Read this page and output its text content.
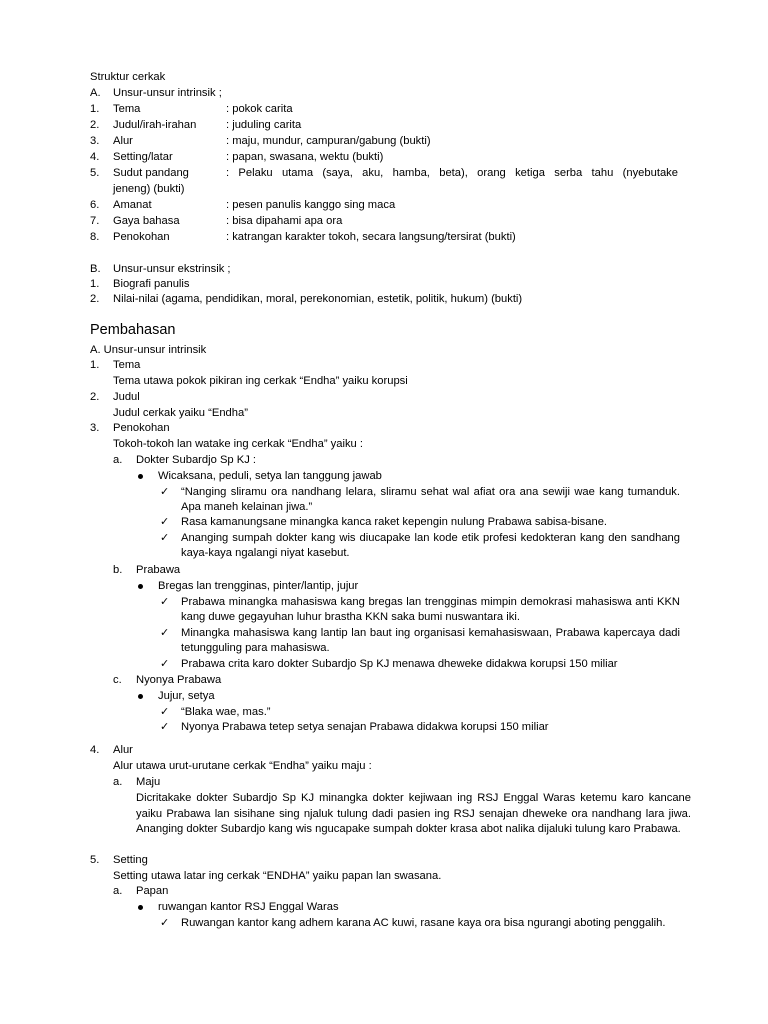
Struktur cerkak
A. Unsur-unsur intrinsik ;
1. Tema	: pokok carita
2. Judul/irah-irahan	: juduling carita
3. Alur	: maju, mundur, campuran/gabung (bukti)
4. Setting/latar	: papan, swasana, wektu (bukti)
5. Sudut pandang	: Pelaku utama (saya, aku, hamba, beta), orang ketiga serba tahu (nyebutake
jeneng) (bukti)
6. Amanat	: pesen panulis kanggo sing maca
7. Gaya bahasa	: bisa dipahami apa ora
8. Penokohan	: katrangan karakter tokoh, secara langsung/tersirat (bukti)
B. Unsur-unsur ekstrinsik ;
1. Biografi panulis
2. Nilai-nilai (agama, pendidikan, moral, perekonomian, estetik, politik, hukum) (bukti)
Pembahasan
A. Unsur-unsur intrinsik
1. Tema
Tema utawa pokok pikiran ing cerkak “Endha” yaiku korupsi
2. Judul
Judul cerkak yaiku “Endha”
3. Penokohan
Tokoh-tokoh lan watake ing cerkak “Endha” yaiku :
a. Dokter Subardjo Sp KJ :
Wicaksana, peduli, setya lan tanggung jawab
✓ “Nanging sliramu ora nandhang lelara, sliramu sehat wal afiat ora ana sewiji wae kang tumanduk. Apa maneh kelainan jiwa.”
✓ Rasa kamanungsane minangka kanca raket kepengin nulung Prabawa sabisa-bisane.
✓ Ananging sumpah dokter kang wis diucapake lan kode etik profesi kedokteran kang den sandhang kaya-kaya ngalangi niyat kasebut.
b. Prabawa
Bregas lan trengginas, pinter/lantip, jujur
✓ Prabawa minangka mahasiswa kang bregas lan trengginas mimpin demokrasi mahasiswa anti KKN kang duwe gegayuhan luhur brastha KKN saka bumi nuswantara iki.
✓ Minangka mahasiswa kang lantip lan baut ing organisasi kemahasiswaan, Prabawa kapercaya dadi tetungguling para mahasiswa.
✓ Prabawa crita karo dokter Subardjo Sp KJ menawa dheweke didakwa korupsi 150 miliar
c. Nyonya Prabawa
Jujur, setya
✓ “Blaka wae, mas.”
✓ Nyonya Prabawa tetep setya senajan Prabawa didakwa korupsi 150 miliar
4. Alur
Alur utawa urut-urutane cerkak “Endha” yaiku maju :
a. Maju
Dicritakake dokter Subardjo Sp KJ minangka dokter kejiwaan ing RSJ Enggal Waras ketemu karo kancane yaiku Prabawa lan sisihane sing njaluk tulung dadi pasien ing RSJ senajan dheweke ora nandhang lara jiwa. Ananging dokter Subardjo kang wis ngucapake sumpah dokter krasa abot nalika dijaluki tulung karo Prabawa.
5. Setting
Setting utawa latar ing cerkak “ENDHA” yaiku papan lan swasana.
a. Papan
ruwangan kantor RSJ Enggal Waras
✓ Ruwangan kantor kang adhem karana AC kuwi, rasane kaya ora bisa ngurangi aboting penggalih.
